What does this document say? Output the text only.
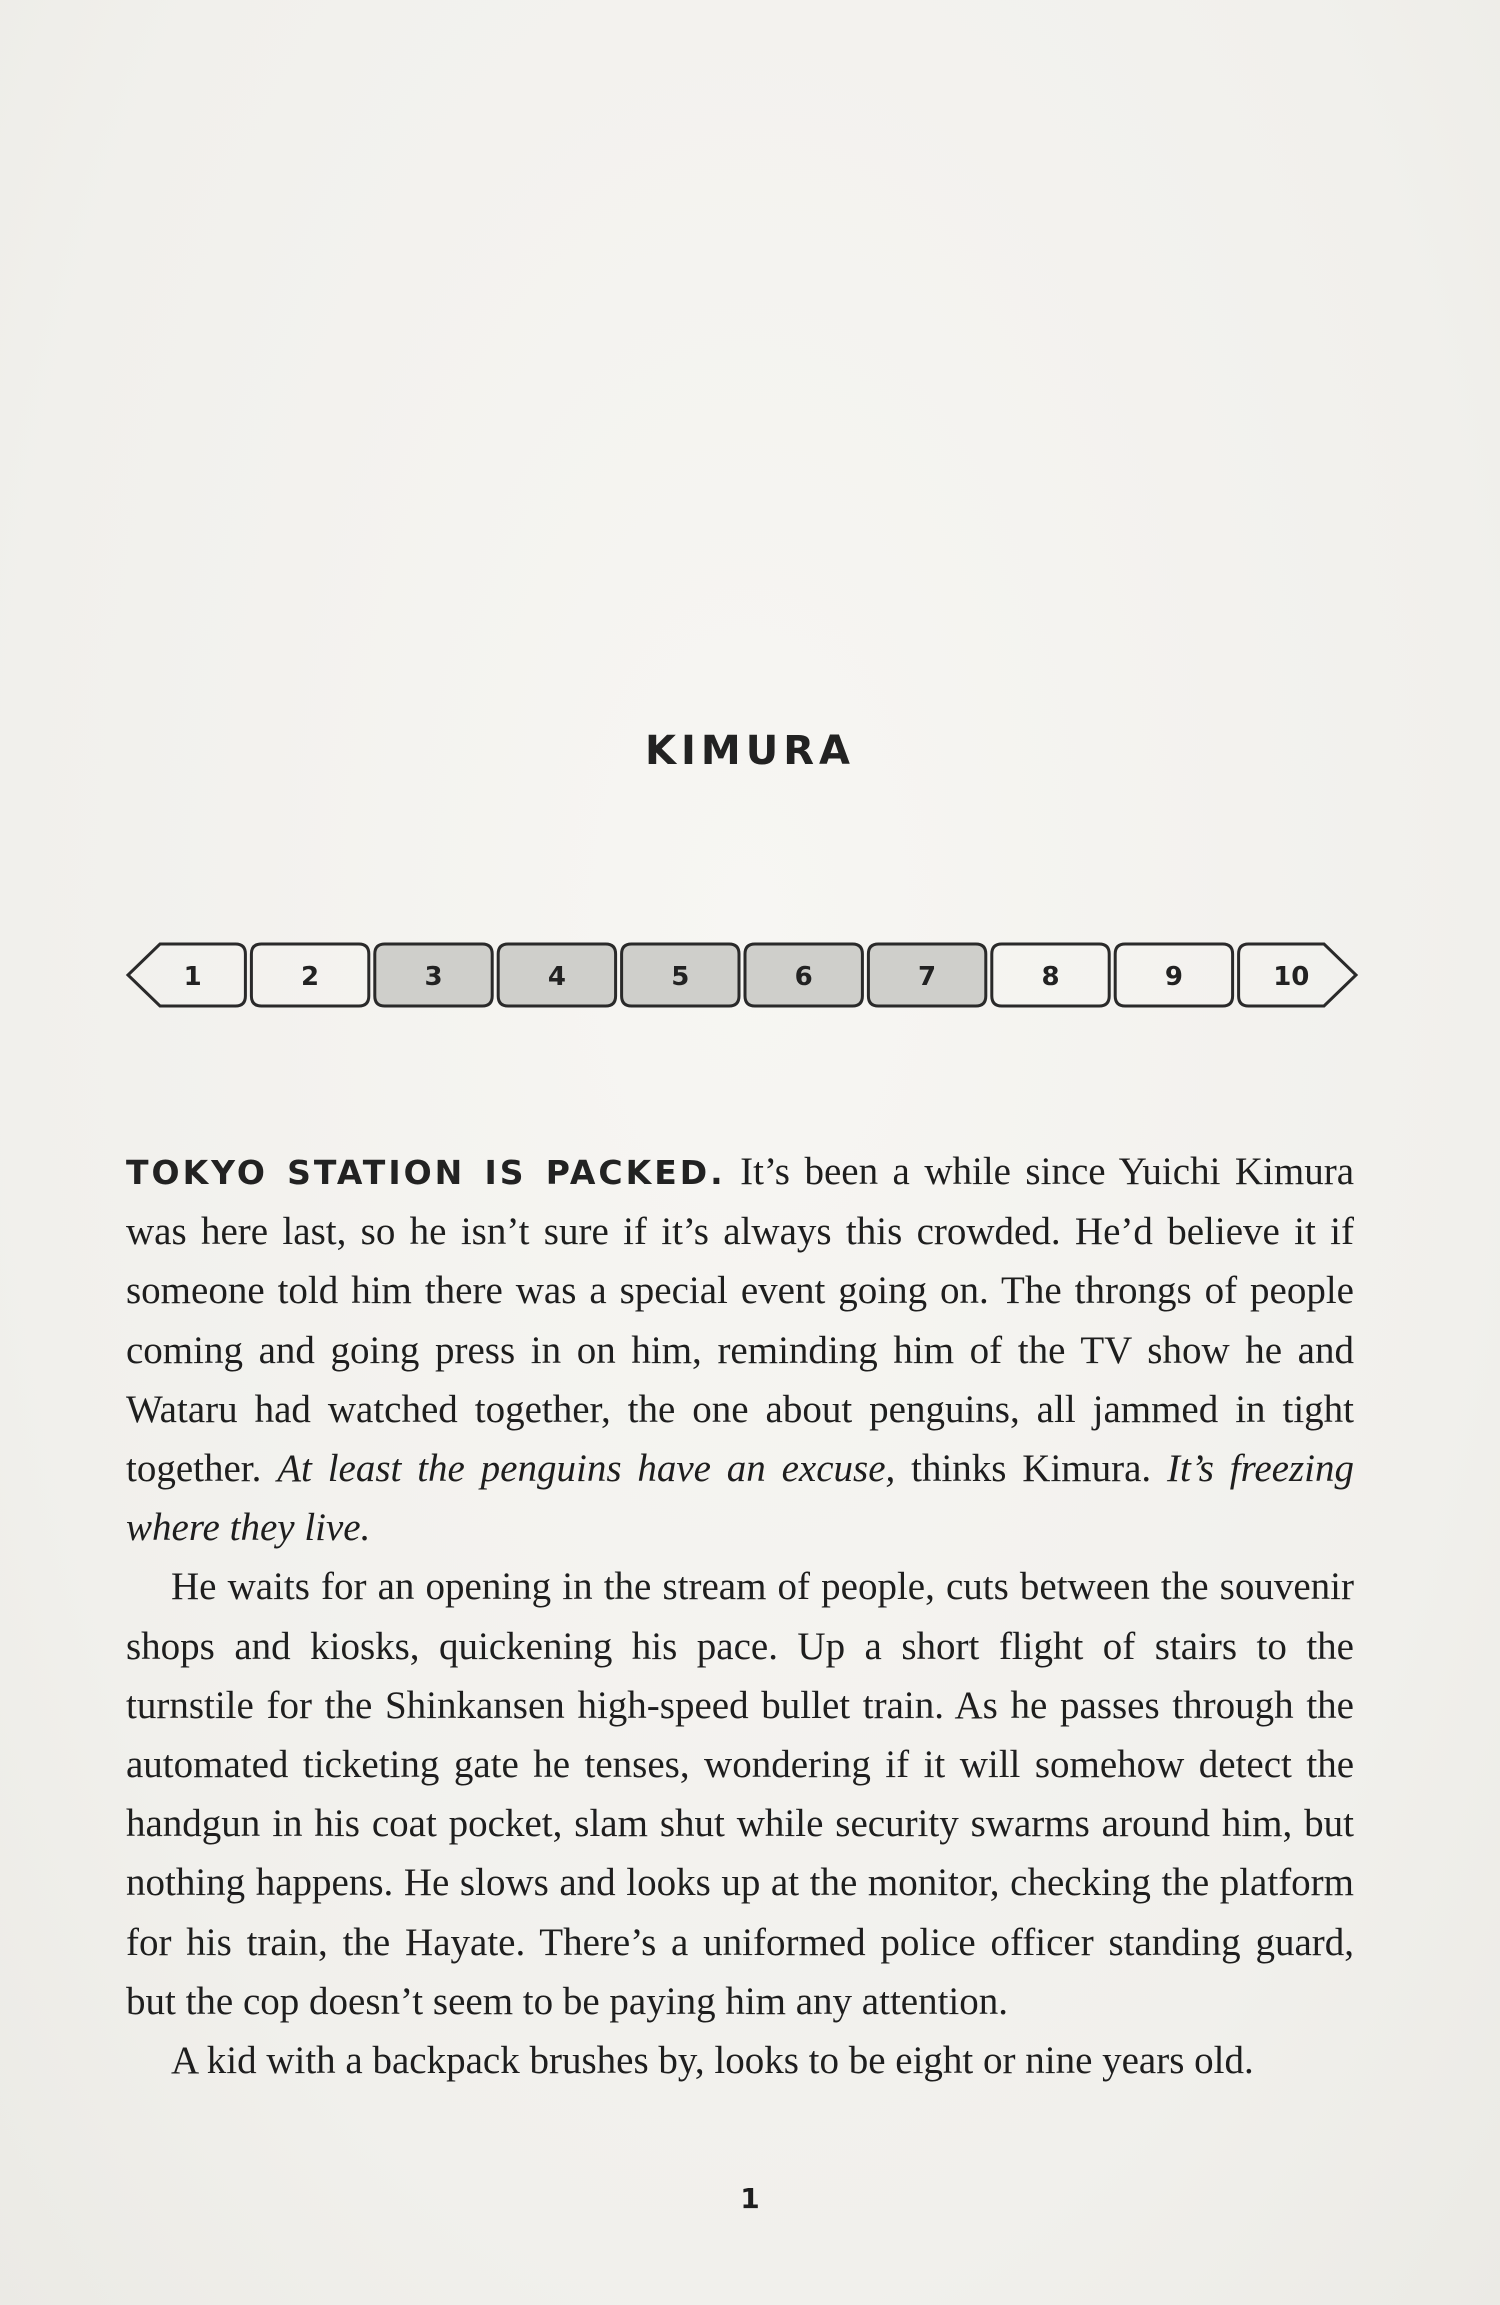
KIMURA
1	2	3	4	5	6	7	8	9	10

TOKYO STATION IS PACKED. It’s been a while since Yuichi Kimura was here last, so he isn’t sure if it’s always this crowded. He’d believe it if someone told him there was a special event going on. The throngs of people coming and going press in on him, reminding him of the TV show he and Wataru had watched together, the one about penguins, all jammed in tight together. At least the penguins have an excuse, thinks Kimura. It’s freezing where they live.

He waits for an opening in the stream of people, cuts between the souvenir shops and kiosks, quickening his pace. Up a short flight of stairs to the turnstile for the Shinkansen high-speed bullet train. As he passes through the automated ticketing gate he tenses, wondering if it will somehow detect the handgun in his coat pocket, slam shut while security swarms around him, but nothing happens. He slows and looks up at the monitor, checking the platform for his train, the Hayate. There’s a uniformed police officer standing guard, but the cop doesn’t seem to be paying him any attention.

A kid with a backpack brushes by, looks to be eight or nine years old.

1
